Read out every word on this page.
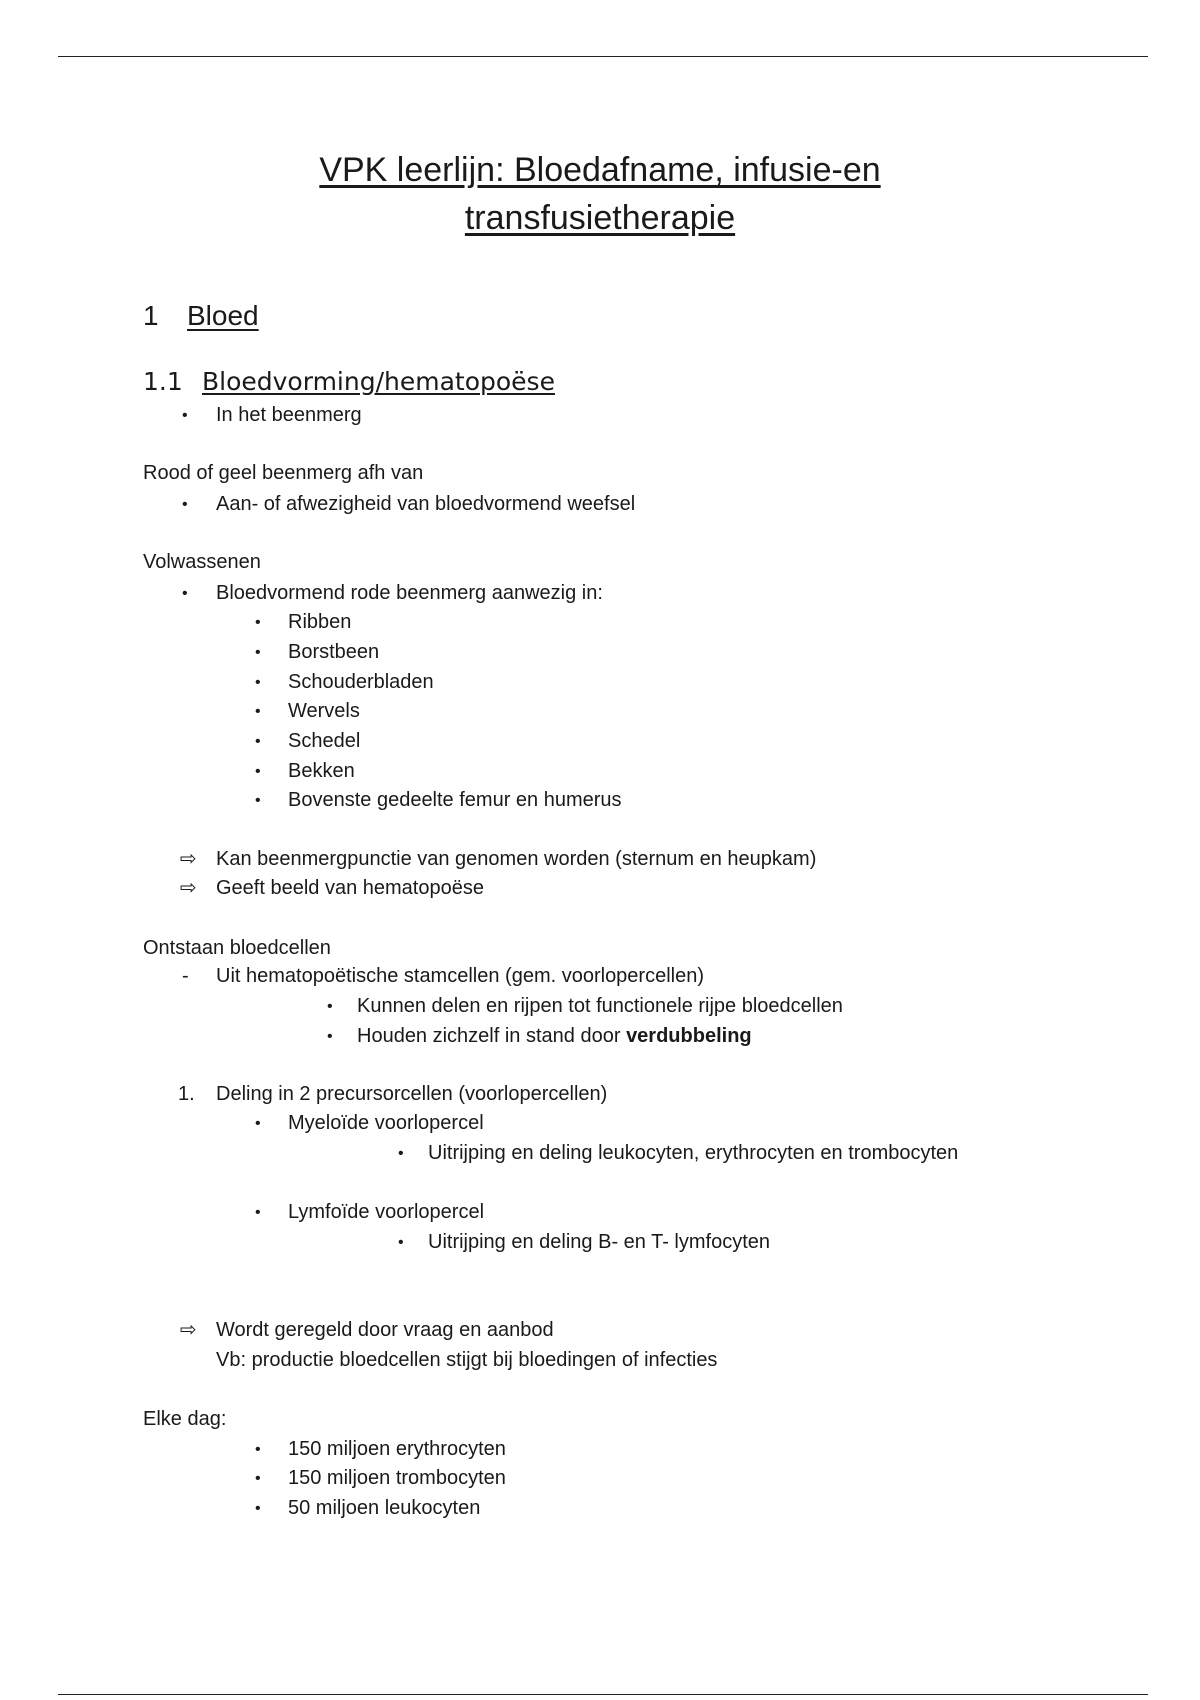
VPK leerlijn: Bloedafname, infusie-en
transfusietherapie
1 Bloed
1.1 Bloedvorming/hematopoëse
• In het beenmerg
Rood of geel beenmerg afh van
• Aan- of afwezigheid van bloedvormend weefsel
Volwassenen
• Bloedvormend rode beenmerg aanwezig in:
• Ribben
• Borstbeen
• Schouderbladen
• Wervels
• Schedel
• Bekken
• Bovenste gedeelte femur en humerus
⇨ Kan beenmergpunctie van genomen worden (sternum en heupkam)
⇨ Geeft beeld van hematopoëse
Ontstaan bloedcellen
- Uit hematopoëtische stamcellen (gem. voorlopercellen)
• Kunnen delen en rijpen tot functionele rijpe bloedcellen
• Houden zichzelf in stand door verdubbeling
1. Deling in 2 precursorcellen (voorlopercellen)
• Myeloïde voorlopercel
• Uitrijping en deling leukocyten, erythrocyten en trombocyten
• Lymfoïde voorlopercel
• Uitrijping en deling B- en T- lymfocyten
⇨ Wordt geregeld door vraag en aanbod
Vb: productie bloedcellen stijgt bij bloedingen of infecties
Elke dag:
• 150 miljoen erythrocyten
• 150 miljoen trombocyten
• 50 miljoen leukocyten
